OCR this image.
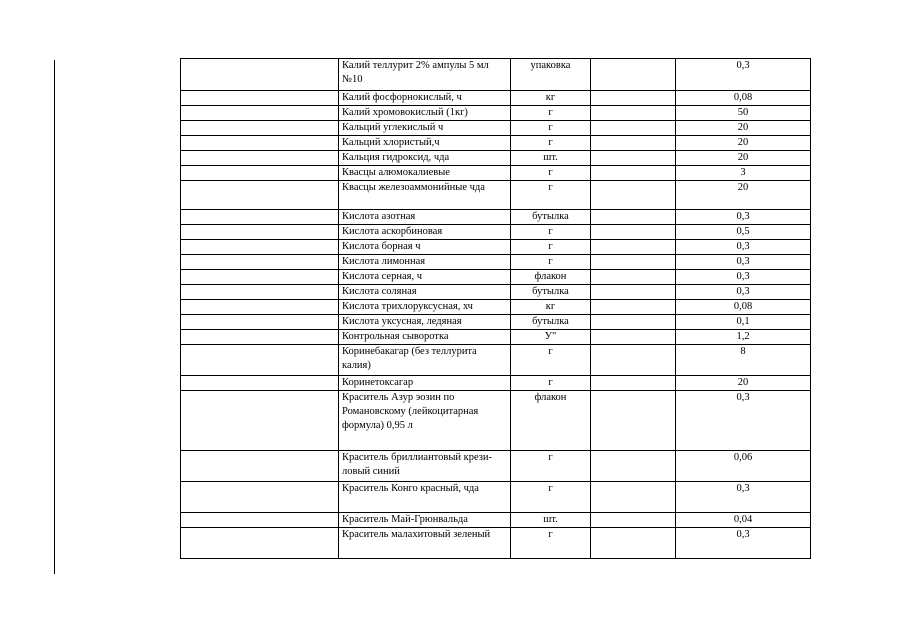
	Калий теллурит 2% ампулы 5 мл №10	упаковка		0,3
	Калий фосфорнокислый, ч	кг		0,08
	Калий хромовокислый (1кг)	г		50
	Кальций углекислый ч	г		20
	Кальций хлористый,ч	г		20
	Кальция гидроксид, чда	шт.		20
	Квасцы алюмокалиевые	г		3
	Квасцы железоаммонийные чда	г		20
	Кислота азотная	бутылка		0,3
	Кислота аскорбиновая	г		0,5
	Кислота борная ч	г		0,3
	Кислота лимонная	г		0,3
	Кислота серная, ч	флакон		0,3
	Кислота соляная	бутылка		0,3
	Кислота трихлоруксусная, хч	кг		0,08
	Кислота уксусная, ледяная	бутылка		0,1
	Контрольная сыворотка	У"		1,2
	Коринебакагар (без теллурита калия)	г		8
	Коринетоксагар	г		20
	Краситель Азур эозин по Романовскому (лейкоцитарная формула) 0,95 л	флакон		0,3
	Краситель бриллиантовый крези-ловый синий	г		0,06
	Краситель Конго красный, чда	г		0,3
	Краситель Май-Грюнвальда	шт.		0,04
	Краситель малахитовый зеленый	г		0,3
